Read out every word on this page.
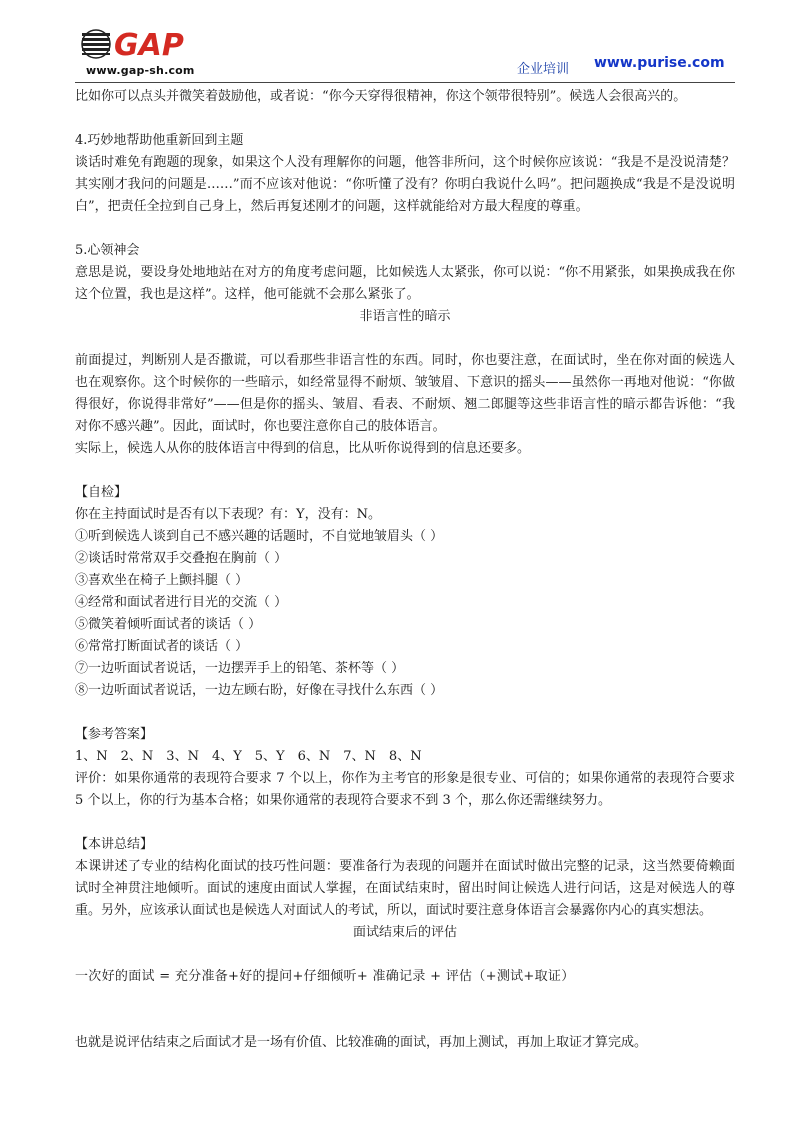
GAP
www.gap-sh.com	企业培训 www.purise.com

比如你可以点头并微笑着鼓励他，或者说：“你今天穿得很精神，你这个领带很特别”。候选人会很高兴的。

4.巧妙地帮助他重新回到主题

谈话时难免有跑题的现象，如果这个人没有理解你的问题，他答非所问，这个时候你应该说：“我是不是没说清楚？其实刚才我问的问题是……”而不应该对他说：“你听懂了没有？你明白我说什么吗”。把问题换成“我是不是没说明白”，把责任全拉到自己身上，然后再复述刚才的问题，这样就能给对方最大程度的尊重。

5.心领神会

意思是说，要设身处地地站在对方的角度考虑问题，比如候选人太紧张，你可以说：“你不用紧张，如果换成我在你这个位置，我也是这样”。这样，他可能就不会那么紧张了。

非语言性的暗示

前面提过，判断别人是否撒谎，可以看那些非语言性的东西。同时，你也要注意，在面试时，坐在你对面的候选人也在观察你。这个时候你的一些暗示，如经常显得不耐烦、皱皱眉、下意识的摇头——虽然你一再地对他说：“你做得很好，你说得非常好”——但是你的摇头、皱眉、看表、不耐烦、翘二郎腿等这些非语言性的暗示都告诉他：“我对你不感兴趣”。因此，面试时，你也要注意你自己的肢体语言。

实际上，候选人从你的肢体语言中得到的信息，比从听你说得到的信息还要多。

【自检】

你在主持面试时是否有以下表现？有：Y，没有：N。

①听到候选人谈到自己不感兴趣的话题时，不自觉地皱眉头（ ）

②谈话时常常双手交叠抱在胸前（ ）

③喜欢坐在椅子上颤抖腿（ ）

④经常和面试者进行目光的交流（ ）

⑤微笑着倾听面试者的谈话（ ）

⑥常常打断面试者的谈话（ ）

⑦一边听面试者说话，一边摆弄手上的铅笔、茶杯等（ ）

⑧一边听面试者说话，一边左顾右盼，好像在寻找什么东西（ ）

【参考答案】

1、N　2、N　3、N　4、Y　5、Y　6、N　7、N　8、N

评价：如果你通常的表现符合要求 7 个以上，你作为主考官的形象是很专业、可信的；如果你通常的表现符合要求 5 个以上，你的行为基本合格；如果你通常的表现符合要求不到 3 个，那么你还需继续努力。

【本讲总结】

本课讲述了专业的结构化面试的技巧性问题：要准备行为表现的问题并在面试时做出完整的记录，这当然要倚赖面试时全神贯注地倾听。面试的速度由面试人掌握，在面试结束时，留出时间让候选人进行问话，这是对候选人的尊重。另外，应该承认面试也是候选人对面试人的考试，所以，面试时要注意身体语言会暴露你内心的真实想法。

面试结束后的评估

一次好的面试 = 充分准备+好的提问+仔细倾听+ 准确记录 + 评估（+测试+取证）

也就是说评估结束之后面试才是一场有价值、比较准确的面试，再加上测试，再加上取证才算完成。
